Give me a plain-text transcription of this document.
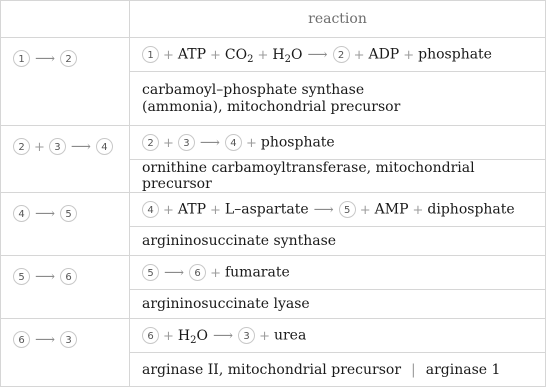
	reaction
1 ⟶ 2	1 + ATP + $CO_2 + H_2O$ ⟶ 2 + ADP + phosphate
	carbamoyl–phosphate synthase
(ammonia), mitochondrial precursor
2 + 3 ⟶ 4	2 + 3 ⟶ 4 + phosphate
	ornithine carbamoyltransferase, mitochondrial precursor
4 ⟶ 5	4 + ATP + L–aspartate ⟶ 5 + AMP + diphosphate
	argininosuccinate synthase
5 ⟶ 6	5 ⟶ 6 + fumarate
	argininosuccinate lyase
6 ⟶ 3	$6 + H_2O$ ⟶ 3 + urea
	arginase II, mitochondrial precursor | arginase 1
